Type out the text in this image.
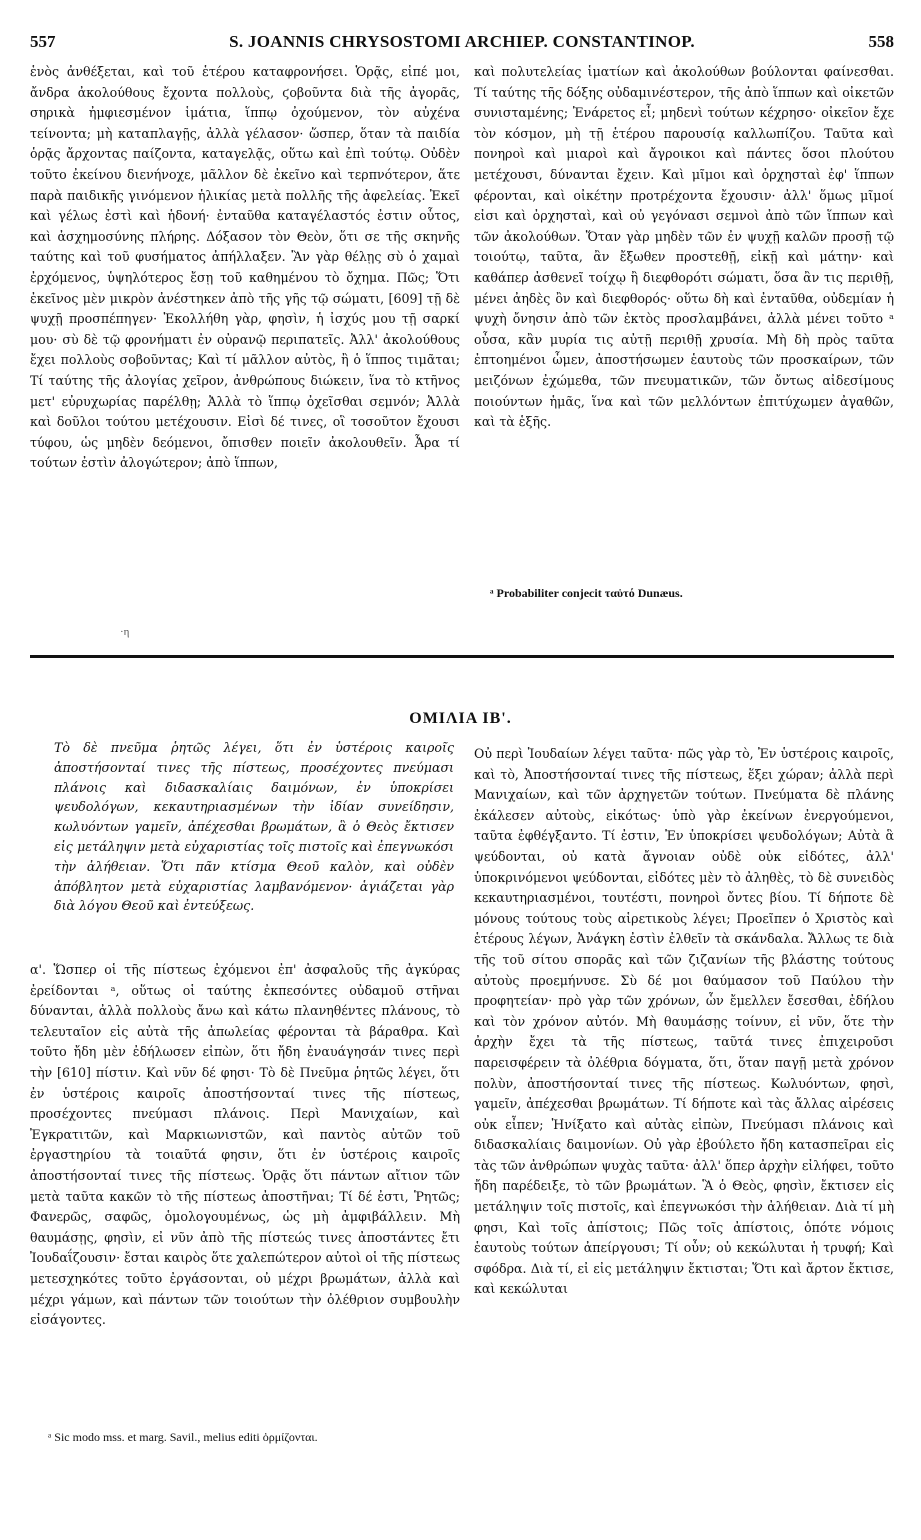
557	S. JOANNIS CHRYSOSTOMI ARCHIEP. CONSTANTINOP.	558

ἑνὸς ἀνθέξεται, καὶ τοῦ ἑτέρου καταφρονήσει. Ὁρᾷς, εἰπέ μοι, ἄνδρα ἀκολούθους ἔχοντα πολλοὺς, ϛοβοῦντα διὰ τῆς ἀγορᾶς, σηρικὰ ἠμφιεσμένον ἱμάτια, ἵππῳ ὀχούμενον, τὸν αὐχένα τείνοντα; μὴ καταπλαγῇς, ἀλλὰ γέλασον· ὥσπερ, ὅταν τὰ παιδία ὁρᾷς ἄρχοντας παίζοντα, καταγελᾷς, οὕτω καὶ ἐπὶ τούτῳ. Οὐδὲν τοῦτο ἐκείνου διενήνοχε, μᾶλλον δὲ ἐκεῖνο καὶ τερπνότερον, ἅτε παρὰ παιδικῆς γινόμενον ἡλικίας μετὰ πολλῆς τῆς ἀφελείας. Ἐκεῖ καὶ γέλως ἐστὶ καὶ ἡδονή· ἐνταῦθα καταγέλαστός ἐστιν οὗτος, καὶ ἀσχημοσύνης πλήρης. Δόξασον τὸν Θεὸν, ὅτι σε τῆς σκηνῆς ταύτης καὶ τοῦ φυσήματος ἀπήλλαξεν. Ἂν γὰρ θέλῃς σὺ ὁ χαμαὶ ἐρχόμενος, ὑψηλότερος ἔσῃ τοῦ καθημένου τὸ ὄχημα. Πῶς; Ὅτι ἐκεῖνος μὲν μικρὸν ἀνέστηκεν ἀπὸ τῆς γῆς τῷ σώματι, [609] τῇ δὲ ψυχῇ προσπέπηγεν· Ἐκολλήθη γὰρ, φησὶν, ἡ ἰσχύς μου τῇ σαρκί μου· σὺ δὲ τῷ φρονήματι ἐν οὐρανῷ περιπατεῖς. Ἀλλ' ἀκολούθους ἔχει πολλοὺς σοβοῦντας; Καὶ τί μᾶλλον αὐτὸς, ἢ ὁ ἵππος τιμᾶται; Τί ταύτης τῆς ἀλογίας χεῖρον, ἀνθρώπους διώκειν, ἵνα τὸ κτῆνος μετ' εὐρυχωρίας παρέλθῃ; Ἀλλὰ τὸ ἵππῳ ὀχεῖσθαι σεμνόν; Ἀλλὰ καὶ δοῦλοι τούτου μετέχουσιν. Εἰσὶ δέ τινες, οἳ τοσοῦτον ἔχουσι τύφου, ὡς μηδὲν δεόμενοι, ὄπισθεν ποιεῖν ἀκολουθεῖν. Ἆρα τί τούτων ἐστὶν ἀλογώτερον; ἀπὸ ἵππων,

καὶ πολυτελείας ἱματίων καὶ ἀκολούθων βούλονται φαίνεσθαι. Τί ταύτης τῆς δόξης οὐδαμινέστερον, τῆς ἀπὸ ἵππων καὶ οἰκετῶν συνισταμένης; Ἐνάρετος εἶ; μηδενὶ τούτων κέχρησο· οἰκεῖον ἔχε τὸν κόσμον, μὴ τῇ ἑτέρου παρουσίᾳ καλλωπίζου. Ταῦτα καὶ πονηροὶ καὶ μιαροὶ καὶ ἄγροικοι καὶ πάντες ὅσοι πλούτου μετέχουσι, δύνανται ἔχειν. Καὶ μῖμοι καὶ ὀρχησταὶ ἐφ' ἵππων φέρονται, καὶ οἰκέτην προτρέχοντα ἔχουσιν· ἀλλ' ὅμως μῖμοί εἰσι καὶ ὀρχησταὶ, καὶ οὐ γεγόνασι σεμνοὶ ἀπὸ τῶν ἵππων καὶ τῶν ἀκολούθων. Ὅταν γὰρ μηδὲν τῶν ἐν ψυχῇ καλῶν προσῇ τῷ τοιούτῳ, ταῦτα, ἂν ἔξωθεν προστεθῇ, εἰκῇ καὶ μάτην· καὶ καθάπερ ἀσθενεῖ τοίχῳ ἢ διεφθορότι σώματι, ὅσα ἂν τις περιθῇ, μένει ἀηδὲς ὂν καὶ διεφθορός· οὕτω δὴ καὶ ἐνταῦθα, οὐδεμίαν ἡ ψυχὴ ὄνησιν ἀπὸ τῶν ἐκτὸς προσλαμβάνει, ἀλλὰ μένει τοῦτο ᵃ οὖσα, κἂν μυρία τις αὐτῇ περιθῇ χρυσία. Μὴ δὴ πρὸς ταῦτα ἐπτοημένοι ὦμεν, ἀποστήσωμεν ἑαυτοὺς τῶν προσκαίρων, τῶν μειζόνων ἐχώμεθα, τῶν πνευματικῶν, τῶν ὄντως αἰδεσίμους ποιούντων ἡμᾶς, ἵνα καὶ τῶν μελλόντων ἐπιτύχωμεν ἀγαθῶν, καὶ τὰ ἑξῆς.

ᵃ Probabiliter conjecit ταὐτό Dunæus.
·η
ΟΜΙΛΙΑ ΙΒ'.

Τὸ δὲ πνεῦμα ῥητῶς λέγει, ὅτι ἐν ὑστέροις καιροῖς ἀποστήσονταί τινες τῆς πίστεως, προσέχοντες πνεύμασι πλάνοις καὶ διδασκαλίαις δαιμόνων, ἐν ὑποκρίσει ψευδολόγων, κεκαυτηριασμένων τὴν ἰδίαν συνείδησιν, κωλυόντων γαμεῖν, ἀπέχεσθαι βρωμάτων, ἃ ὁ Θεὸς ἔκτισεν εἰς μετάληψιν μετὰ εὐχαριστίας τοῖς πιστοῖς καὶ ἐπεγνωκόσι τὴν ἀλήθειαν. Ὅτι πᾶν κτίσμα Θεοῦ καλὸν, καὶ οὐδὲν ἀπόβλητον μετὰ εὐχαριστίας λαμβανόμενον· ἁγιάζεται γὰρ διὰ λόγου Θεοῦ καὶ ἐντεύξεως.

α'. Ὥσπερ οἱ τῆς πίστεως ἐχόμενοι ἐπ' ἀσφαλοῦς τῆς ἀγκύρας ἐρείδονται ᵃ, οὕτως οἱ ταύτης ἐκπεσόντες οὐδαμοῦ στῆναι δύνανται, ἀλλὰ πολλοὺς ἄνω καὶ κάτω πλανηθέντες πλάνους, τὸ τελευταῖον εἰς αὐτὰ τῆς ἀπωλείας φέρονται τὰ βάραθρα. Καὶ τοῦτο ἤδη μὲν ἐδήλωσεν εἰπὼν, ὅτι ἤδη ἐναυάγησάν τινες περὶ τὴν [610] πίστιν. Καὶ νῦν δέ φησι· Τὸ δὲ Πνεῦμα ῥητῶς λέγει, ὅτι ἐν ὑστέροις καιροῖς ἀποστήσονταί τινες τῆς πίστεως, προσέχοντες πνεύμασι πλάνοις. Περὶ Μανιχαίων, καὶ Ἐγκρατιτῶν, καὶ Μαρκιωνιστῶν, καὶ παντὸς αὐτῶν τοῦ ἐργαστηρίου τὰ τοιαῦτά φησιν, ὅτι ἐν ὑστέροις καιροῖς ἀποστήσονταί τινες τῆς πίστεως. Ὁρᾷς ὅτι πάντων αἴτιον τῶν μετὰ ταῦτα κακῶν τὸ τῆς πίστεως ἀποστῆναι; Τί δέ ἐστι, Ῥητῶς; Φανερῶς, σαφῶς, ὁμολογουμένως, ὡς μὴ ἀμφιβάλλειν. Μὴ θαυμάσῃς, φησὶν, εἰ νῦν ἀπὸ τῆς πίστεώς τινες ἀποστάντες ἔτι Ἰουδαΐζουσιν· ἔσται καιρὸς ὅτε χαλεπώτερον αὐτοὶ οἱ τῆς πίστεως μετεσχηκότες τοῦτο ἐργάσονται, οὐ μέχρι βρωμάτων, ἀλλὰ καὶ μέχρι γάμων, καὶ πάντων τῶν τοιούτων τὴν ὀλέθριον συμβουλὴν εἰσάγοντες.

ᵃ Sic modo mss. et marg. Savil., melius editi ὁρμίζονται.

Οὐ περὶ Ἰουδαίων λέγει ταῦτα· πῶς γὰρ τὸ, Ἐν ὑστέροις καιροῖς, καὶ τὸ, Ἀποστήσονταί τινες τῆς πίστεως, ἕξει χώραν; ἀλλὰ περὶ Μανιχαίων, καὶ τῶν ἀρχηγετῶν τούτων. Πνεύματα δὲ πλάνης ἐκάλεσεν αὐτοὺς, εἰκότως· ὑπὸ γὰρ ἐκείνων ἐνεργούμενοι, ταῦτα ἐφθέγξαντο. Τί ἐστιν, Ἐν ὑποκρίσει ψευδολόγων; Αὐτὰ ἃ ψεύδονται, οὐ κατὰ ἄγνοιαν οὐδὲ οὐκ εἰδότες, ἀλλ' ὑποκρινόμενοι ψεύδονται, εἰδότες μὲν τὸ ἀληθὲς, τὸ δὲ συνειδὸς κεκαυτηριασμένοι, τουτέστι, πονηροὶ ὄντες βίου. Τί δήποτε δὲ μόνους τούτους τοὺς αἱρετικοὺς λέγει; Προεῖπεν ὁ Χριστὸς καὶ ἑτέρους λέγων, Ἀνάγκη ἐστὶν ἐλθεῖν τὰ σκάνδαλα. Ἄλλως τε διὰ τῆς τοῦ σίτου σπορᾶς καὶ τῶν ζιζανίων τῆς βλάστης τούτους αὐτοὺς προεμήνυσε. Σὺ δέ μοι θαύμασον τοῦ Παύλου τὴν προφητείαν· πρὸ γὰρ τῶν χρόνων, ὧν ἔμελλεν ἔσεσθαι, ἐδήλου καὶ τὸν χρόνον αὐτόν. Μὴ θαυμάσῃς τοίνυν, εἰ νῦν, ὅτε τὴν ἀρχὴν ἔχει τὰ τῆς πίστεως, ταῦτά τινες ἐπιχειροῦσι παρεισφέρειν τὰ ὀλέθρια δόγματα, ὅτι, ὅταν παγῇ μετὰ χρόνον πολὺν, ἀποστήσονταί τινες τῆς πίστεως. Κωλυόντων, φησὶ, γαμεῖν, ἀπέχεσθαι βρωμάτων. Τί δήποτε καὶ τὰς ἄλλας αἱρέσεις οὐκ εἶπεν; Ἠνίξατο καὶ αὐτὰς εἰπὼν, Πνεύμασι πλάνοις καὶ διδασκαλίαις δαιμονίων. Οὐ γὰρ ἐβούλετο ἤδη κατασπεῖραι εἰς τὰς τῶν ἀνθρώπων ψυχὰς ταῦτα· ἀλλ' ὅπερ ἀρχὴν εἰλήφει, τοῦτο ἤδη παρέδειξε, τὸ τῶν βρωμάτων. Ἃ ὁ Θεὸς, φησὶν, ἔκτισεν εἰς μετάληψιν τοῖς πιστοῖς, καὶ ἐπεγνωκόσι τὴν ἀλήθειαν. Διὰ τί μὴ φησι, Καὶ τοῖς ἀπίστοις; Πῶς τοῖς ἀπίστοις, ὁπότε νόμοις ἑαυτοὺς τούτων ἀπείργουσι; Τί οὖν; οὐ κεκώλυται ἡ τρυφή; Καὶ σφόδρα. Διὰ τί, εἰ εἰς μετάληψιν ἔκτισται; Ὅτι καὶ ἄρτον ἔκτισε, καὶ κεκώλυται
